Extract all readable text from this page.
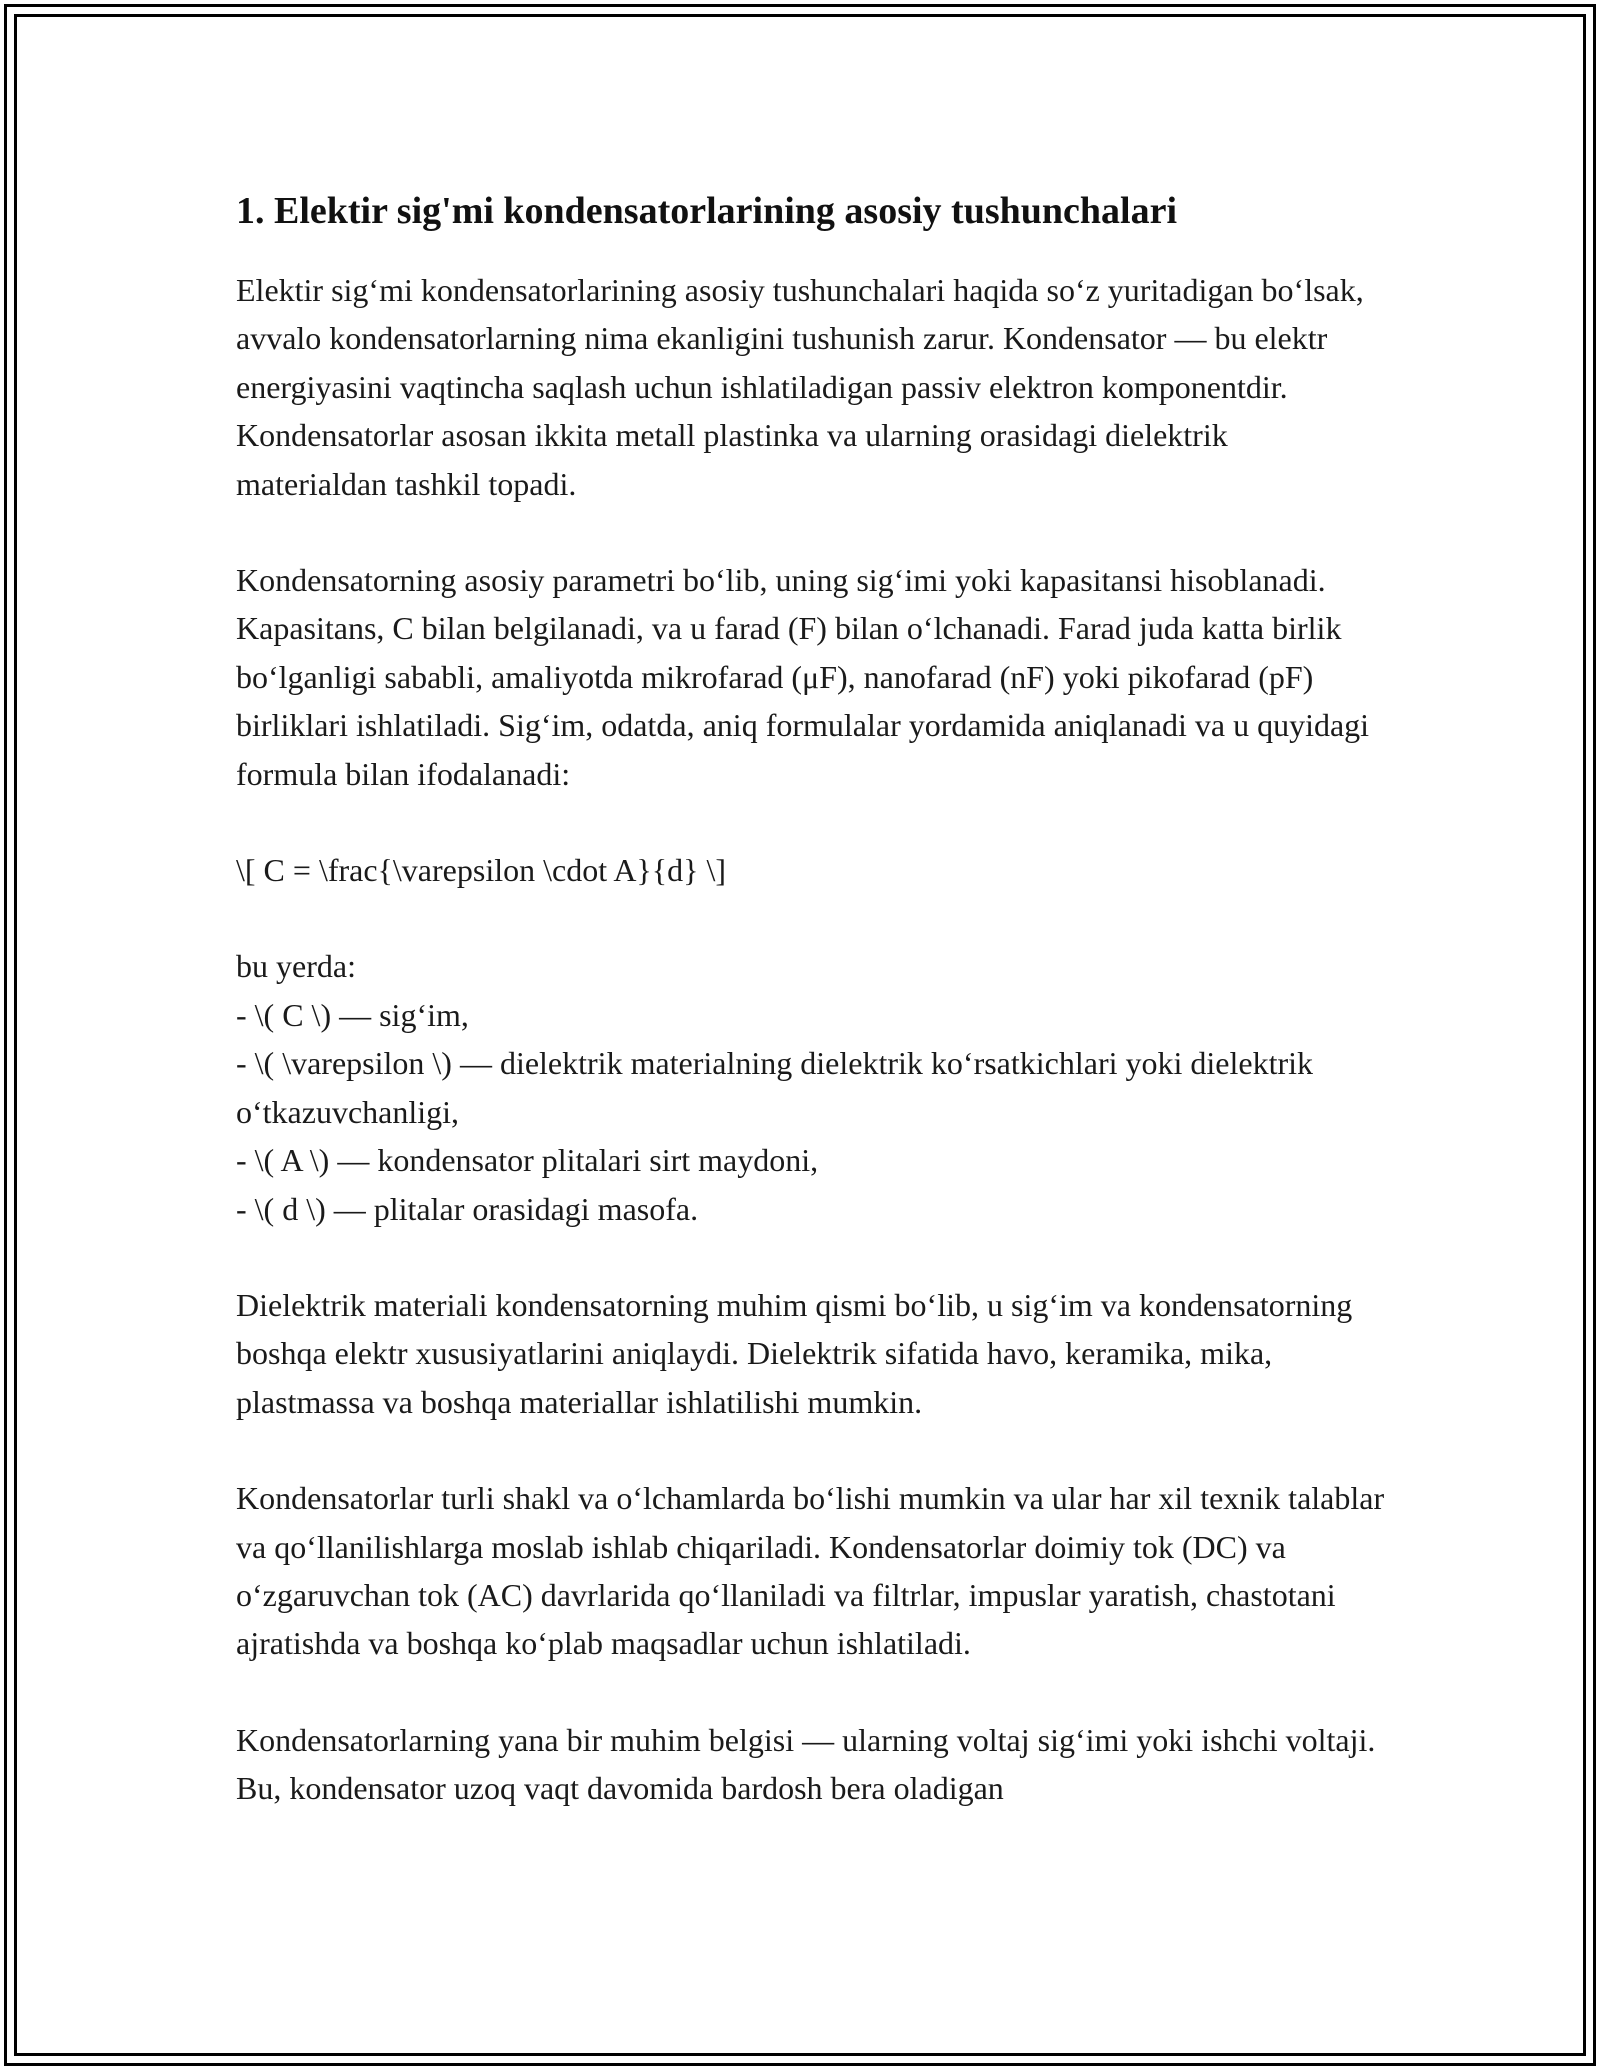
1. Elektir sig'mi kondensatorlarining asosiy tushunchalari

Elektir sig‘mi kondensatorlarining asosiy tushunchalari haqida so‘z yuritadigan bo‘lsak, avvalo kondensatorlarning nima ekanligini tushunish zarur. Kondensator — bu elektr energiyasini vaqtincha saqlash uchun ishlatiladigan passiv elektron komponentdir. Kondensatorlar asosan ikkita metall plastinka va ularning orasidagi dielektrik materialdan tashkil topadi.

Kondensatorning asosiy parametri bo‘lib, uning sig‘imi yoki kapasitansi hisoblanadi. Kapasitans, C bilan belgilanadi, va u farad (F) bilan o‘lchanadi. Farad juda katta birlik bo‘lganligi sababli, amaliyotda mikrofarad (μF), nanofarad (nF) yoki pikofarad (pF) birliklari ishlatiladi. Sig‘im, odatda, aniq formulalar yordamida aniqlanadi va u quyidagi formula bilan ifodalanadi:

\[ C = \frac{\varepsilon \cdot A}{d} \]

bu yerda:
- \( C \) — sig‘im,
- \( \varepsilon \) — dielektrik materialning dielektrik ko‘rsatkichlari yoki dielektrik o‘tkazuvchanligi,
- \( A \) — kondensator plitalari sirt maydoni,
- \( d \) — plitalar orasidagi masofa.

Dielektrik materiali kondensatorning muhim qismi bo‘lib, u sig‘im va kondensatorning boshqa elektr xususiyatlarini aniqlaydi. Dielektrik sifatida havo, keramika, mika, plastmassa va boshqa materiallar ishlatilishi mumkin.

Kondensatorlar turli shakl va o‘lchamlarda bo‘lishi mumkin va ular har xil texnik talablar va qo‘llanilishlarga moslab ishlab chiqariladi. Kondensatorlar doimiy tok (DC) va o‘zgaruvchan tok (AC) davrlarida qo‘llaniladi va filtrlar, impuslar yaratish, chastotani ajratishda va boshqa ko‘plab maqsadlar uchun ishlatiladi.

Kondensatorlarning yana bir muhim belgisi — ularning voltaj sig‘imi yoki ishchi voltaji. Bu, kondensator uzoq vaqt davomida bardosh bera oladigan
